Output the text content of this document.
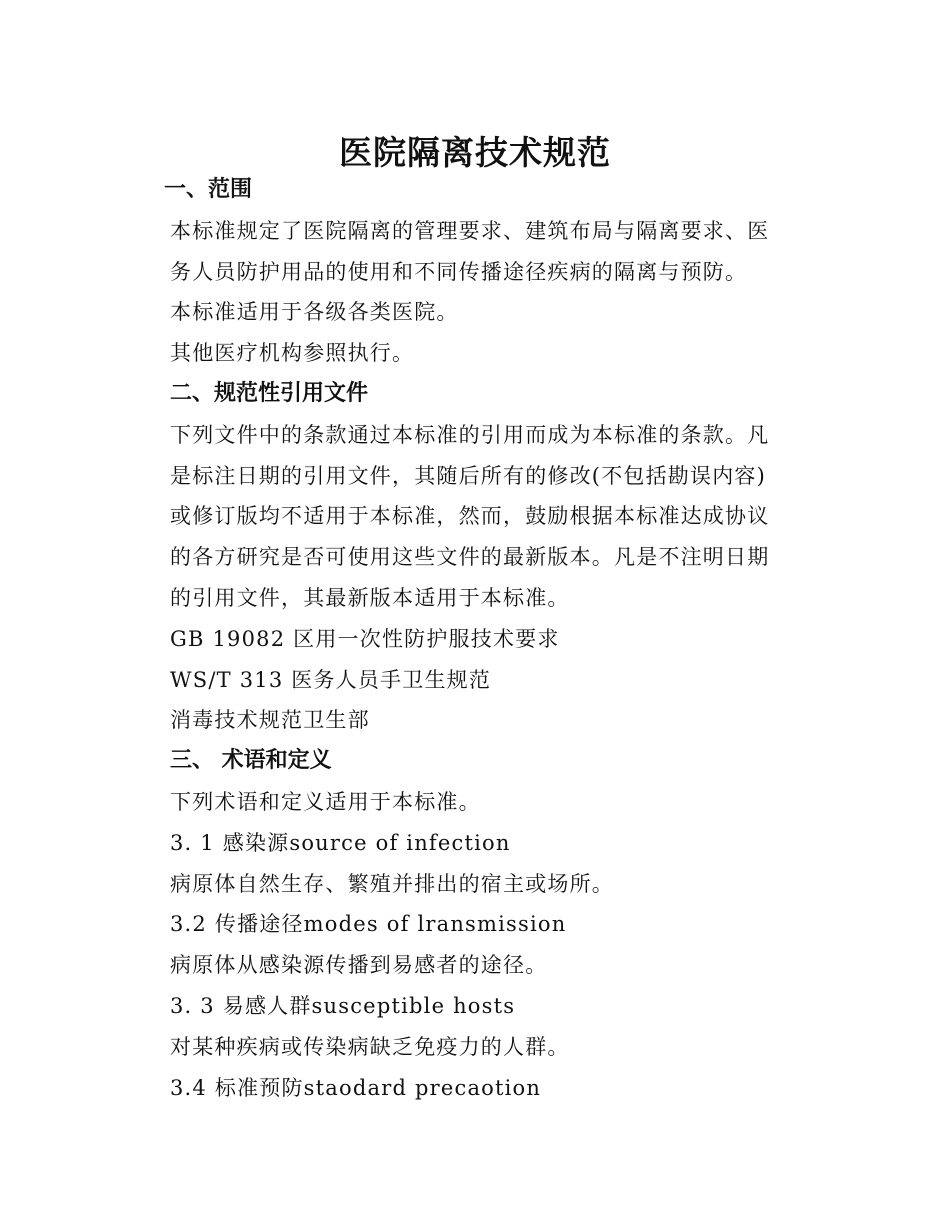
医院隔离技术规范

一、范围

本标准规定了医院隔离的管理要求、建筑布局与隔离要求、医

务人员防护用品的使用和不同传播途径疾病的隔离与预防。

本标准适用于各级各类医院。

其他医疗机构参照执行。

二、规范性引用文件

下列文件中的条款通过本标准的引用而成为本标准的条款。凡

是标注日期的引用文件，其随后所有的修改(不包括勘误内容)

或修订版均不适用于本标准，然而，鼓励根据本标准达成协议

的各方研究是否可使用这些文件的最新版本。凡是不注明日期

的引用文件，其最新版本适用于本标准。

GB 19082 区用一次性防护服技术要求

WS/T 313 医务人员手卫生规范

消毒技术规范卫生部

三、 术语和定义

下列术语和定义适用于本标准。

3. 1 感染源source of infection

病原体自然生存、繁殖并排出的宿主或场所。

3.2 传播途径modes of lransmission

病原体从感染源传播到易感者的途径。

3. 3 易感人群susceptible hosts

对某种疾病或传染病缺乏免疫力的人群。

3.4 标准预防staodard precaotion
